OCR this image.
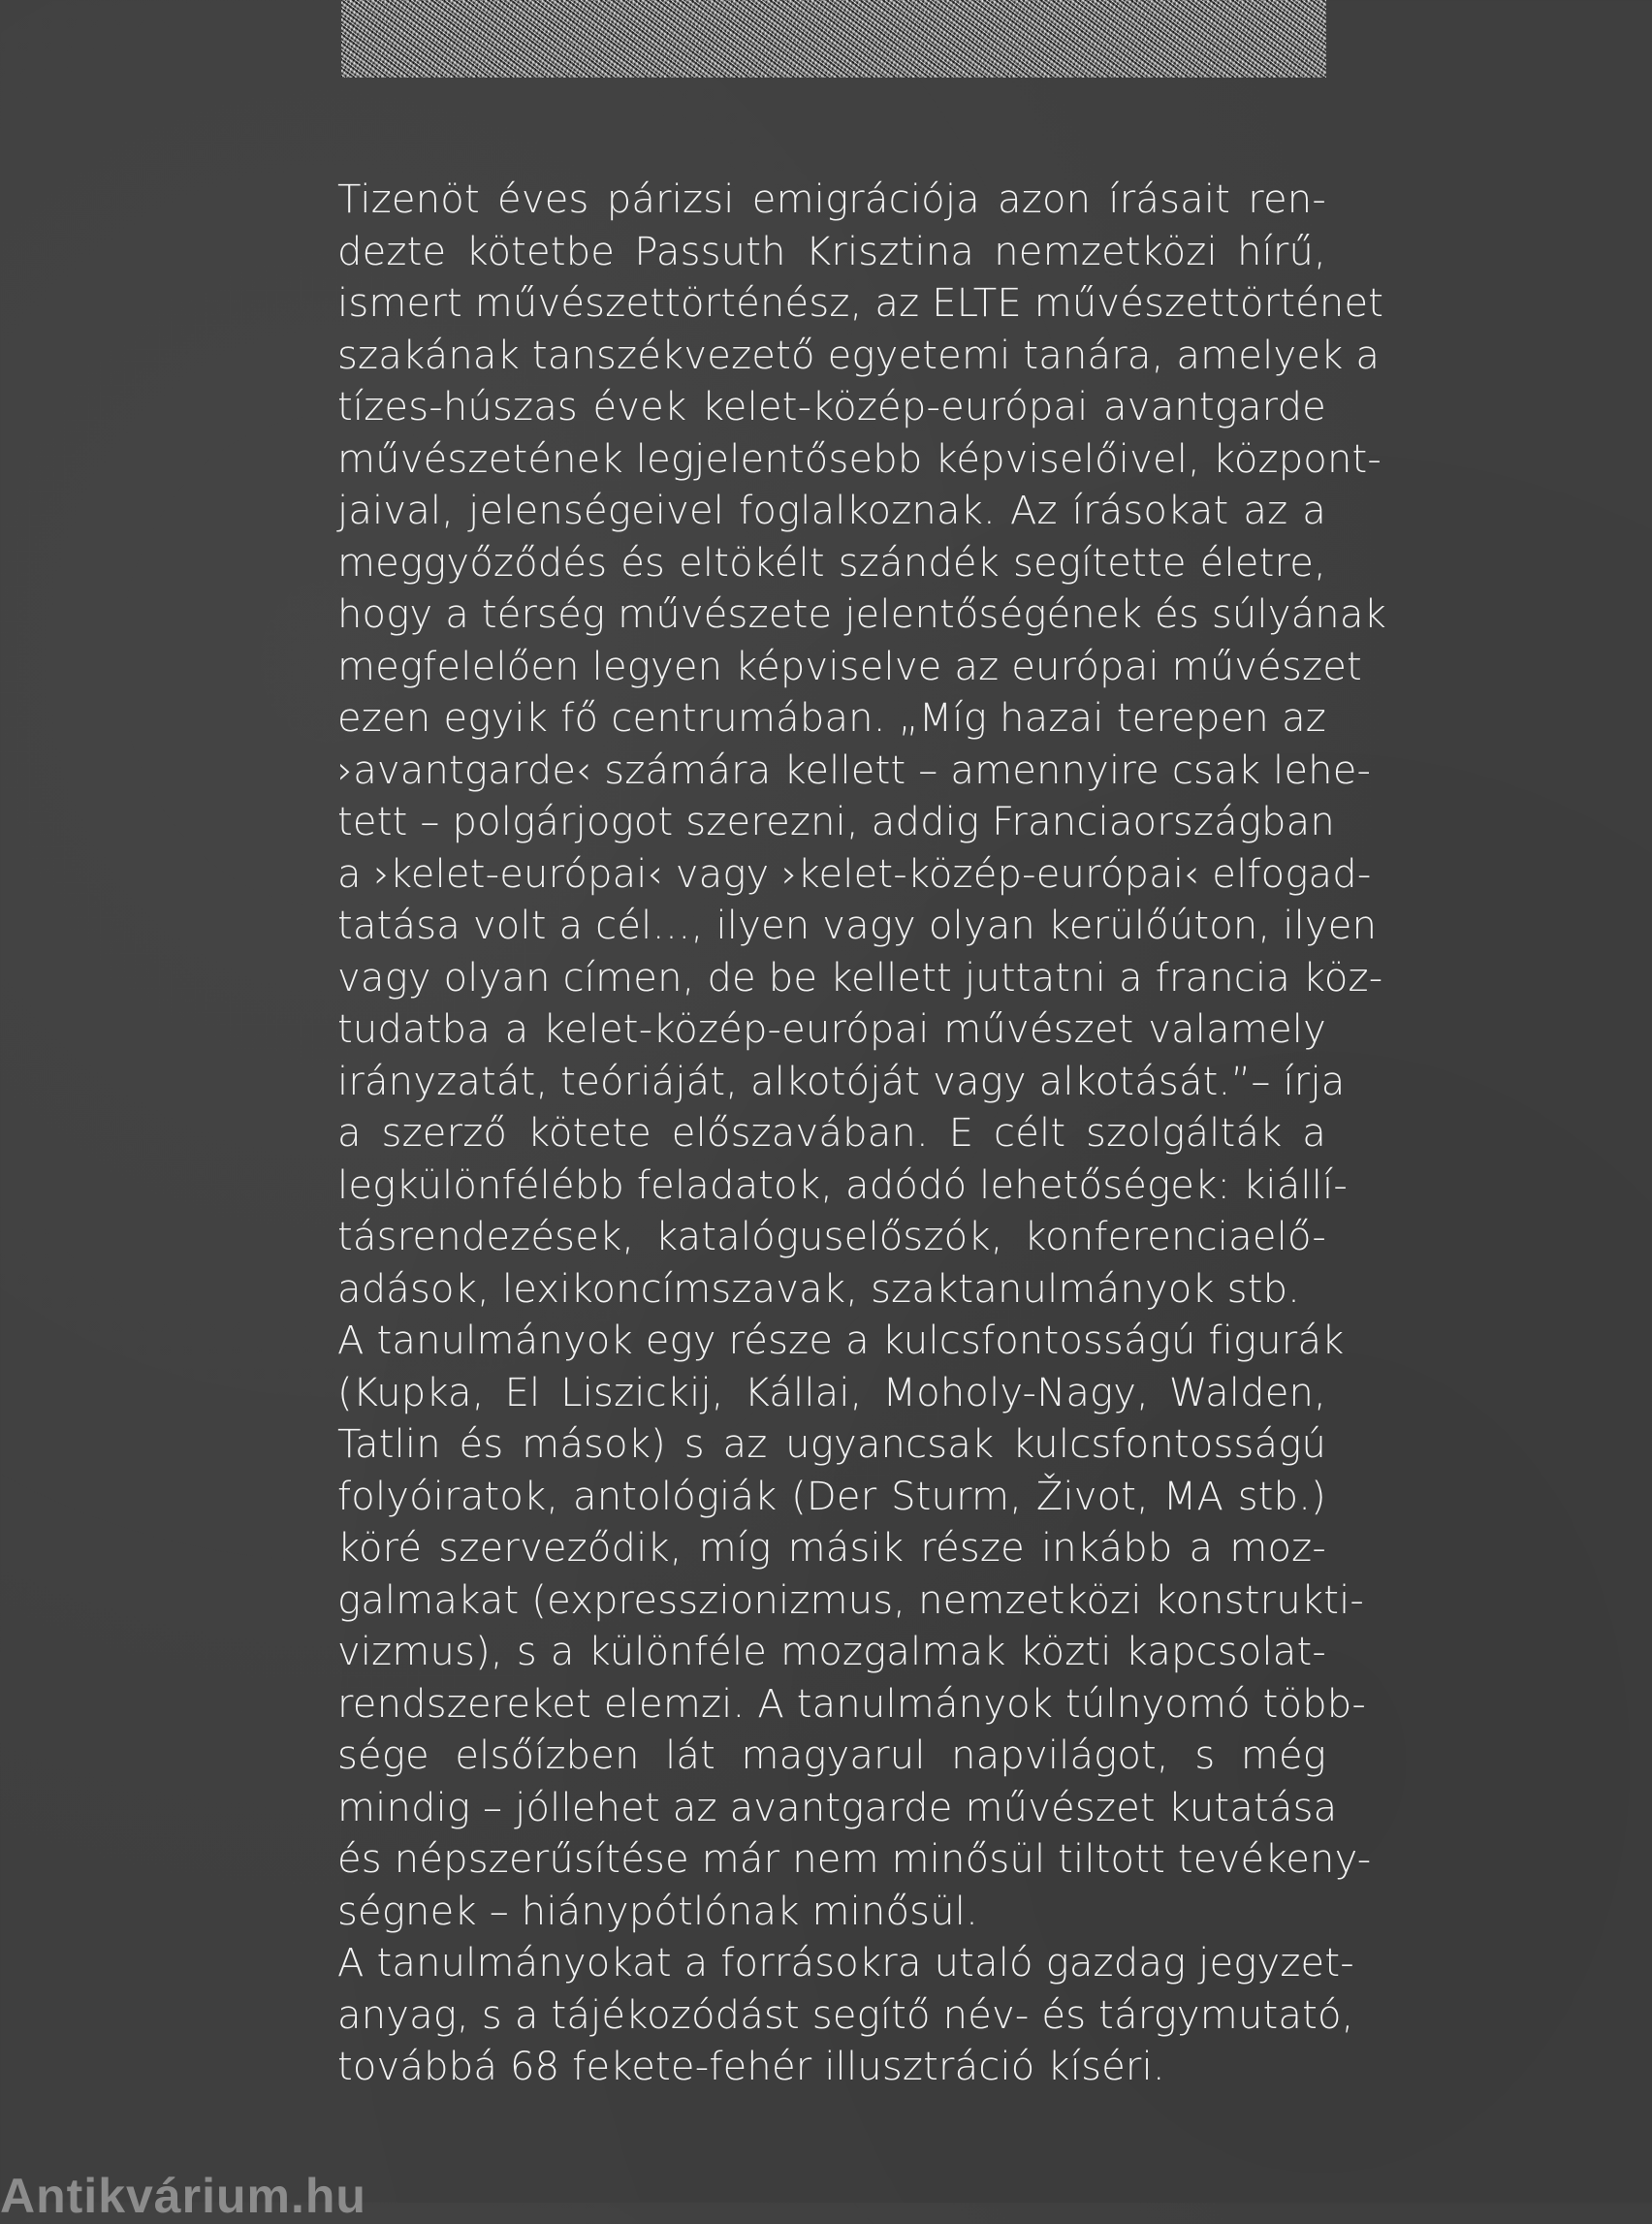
Tizenöt éves párizsi emigrációja azon írásait ren-
dezte kötetbe Passuth Krisztina nemzetközi hírű,
ismert művészettörténész, az ELTE művészettörténet
szakának tanszékvezető egyetemi tanára, amelyek a
tízes-húszas évek kelet-közép-európai avantgarde
művészetének legjelentősebb képviselőivel, központ-
jaival, jelenségeivel foglalkoznak. Az írásokat az a
meggyőződés és eltökélt szándék segítette életre,
hogy a térség művészete jelentőségének és súlyának
megfelelően legyen képviselve az európai művészet
ezen egyik fő centrumában. „Míg hazai terepen az
›avantgarde‹ számára kellett – amennyire csak lehe-
tett – polgárjogot szerezni, addig Franciaországban
a ›kelet-európai‹ vagy ›kelet-közép-európai‹ elfogad-
tatása volt a cél…, ilyen vagy olyan kerülőúton, ilyen
vagy olyan címen, de be kellett juttatni a francia köz-
tudatba a kelet-közép-európai művészet valamely
irányzatát, teóriáját, alkotóját vagy alkotását.”– írja
a szerző kötete előszavában. E célt szolgálták a
legkülönfélébb feladatok, adódó lehetőségek: kiállí-
tásrendezések, katalóguselőszók, konferenciaelő-
adások, lexikoncímszavak, szaktanulmányok stb.
A tanulmányok egy része a kulcsfontosságú figurák
(Kupka, El Liszickij, Kállai, Moholy-Nagy, Walden,
Tatlin és mások) s az ugyancsak kulcsfontosságú
folyóiratok, antológiák (Der Sturm, Život, MA stb.)
köré szerveződik, míg másik része inkább a moz-
galmakat (expresszionizmus, nemzetközi konstrukti-
vizmus), s a különféle mozgalmak közti kapcsolat-
rendszereket elemzi. A tanulmányok túlnyomó több-
sége elsőízben lát magyarul napvilágot, s még
mindig – jóllehet az avantgarde művészet kutatása
és népszerűsítése már nem minősül tiltott tevékeny-
ségnek – hiánypótlónak minősül.
A tanulmányokat a forrásokra utaló gazdag jegyzet-
anyag, s a tájékozódást segítő név- és tárgymutató,
továbbá 68 fekete-fehér illusztráció kíséri.
Antikvárium.hu
